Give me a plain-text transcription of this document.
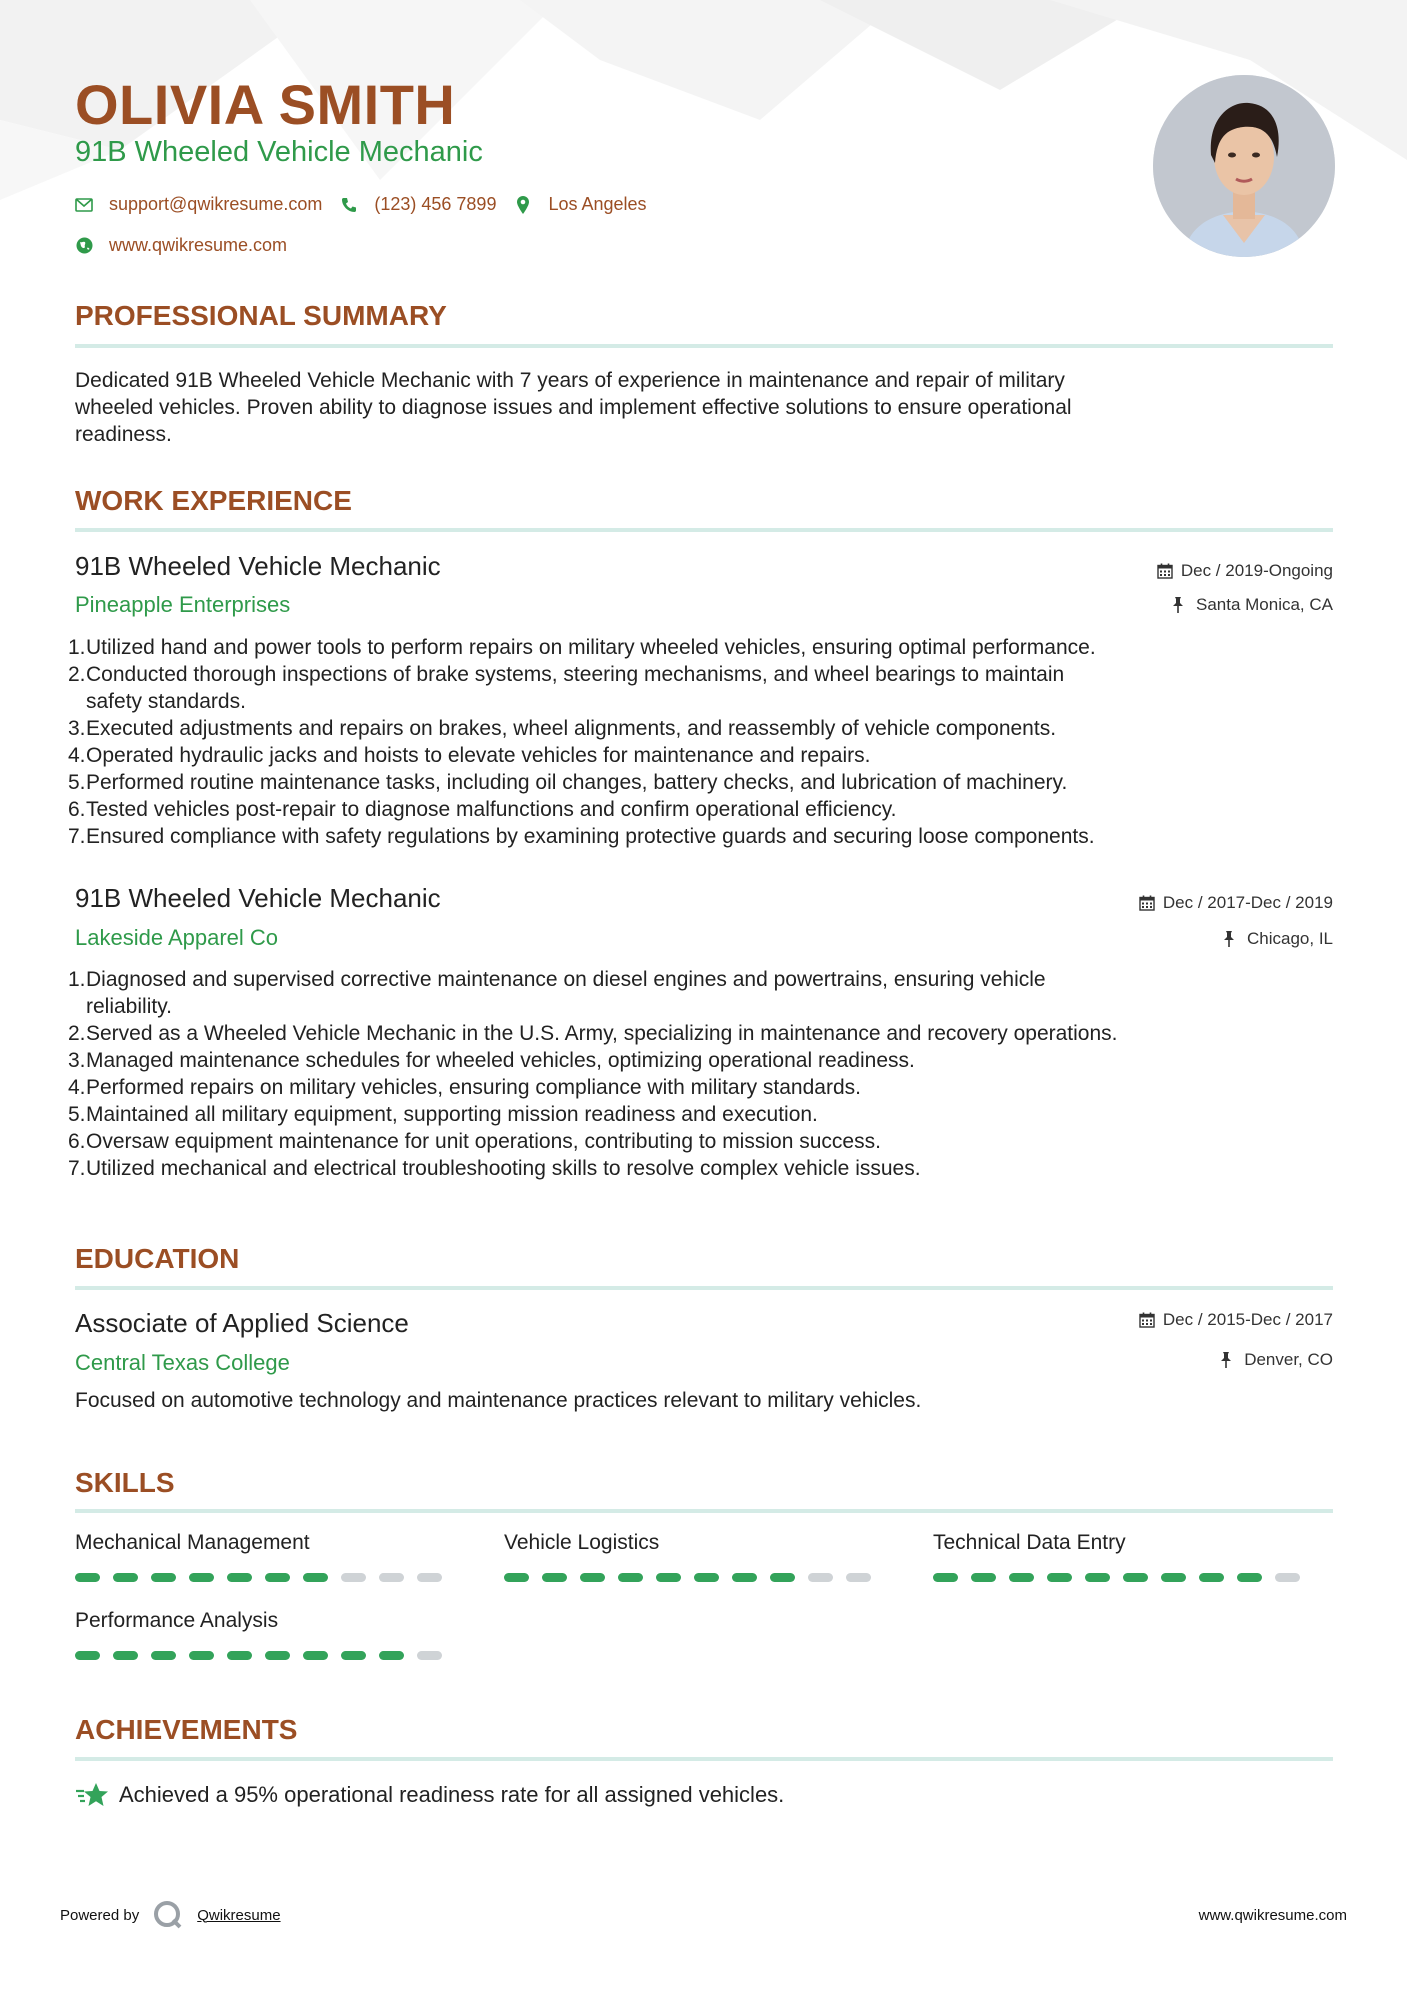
OLIVIA SMITH
91B Wheeled Vehicle Mechanic
support@qwikresume.com	(123) 456 7899	Los Angeles
www.qwikresume.com
PROFESSIONAL SUMMARY
Dedicated 91B Wheeled Vehicle Mechanic with 7 years of experience in maintenance and repair of military
wheeled vehicles. Proven ability to diagnose issues and implement effective solutions to ensure operational
readiness.
WORK EXPERIENCE
91B Wheeled Vehicle Mechanic	Dec / 2019-Ongoing
Pineapple Enterprises	Santa Monica, CA
1. Utilized hand and power tools to perform repairs on military wheeled vehicles, ensuring optimal performance.
2. Conducted thorough inspections of brake systems, steering mechanisms, and wheel bearings to maintain
safety standards.
3. Executed adjustments and repairs on brakes, wheel alignments, and reassembly of vehicle components.
4. Operated hydraulic jacks and hoists to elevate vehicles for maintenance and repairs.
5. Performed routine maintenance tasks, including oil changes, battery checks, and lubrication of machinery.
6. Tested vehicles post-repair to diagnose malfunctions and confirm operational efficiency.
7. Ensured compliance with safety regulations by examining protective guards and securing loose components.
91B Wheeled Vehicle Mechanic	Dec / 2017-Dec / 2019
Lakeside Apparel Co	Chicago, IL
1. Diagnosed and supervised corrective maintenance on diesel engines and powertrains, ensuring vehicle
reliability.
2. Served as a Wheeled Vehicle Mechanic in the U.S. Army, specializing in maintenance and recovery operations.
3. Managed maintenance schedules for wheeled vehicles, optimizing operational readiness.
4. Performed repairs on military vehicles, ensuring compliance with military standards.
5. Maintained all military equipment, supporting mission readiness and execution.
6. Oversaw equipment maintenance for unit operations, contributing to mission success.
7. Utilized mechanical and electrical troubleshooting skills to resolve complex vehicle issues.
EDUCATION
Associate of Applied Science	Dec / 2015-Dec / 2017
Central Texas College	Denver, CO
Focused on automotive technology and maintenance practices relevant to military vehicles.
SKILLS
Mechanical Management	Vehicle Logistics	Technical Data Entry
Performance Analysis
ACHIEVEMENTS
Achieved a 95% operational readiness rate for all assigned vehicles.
Powered by	Qwikresume	www.qwikresume.com
